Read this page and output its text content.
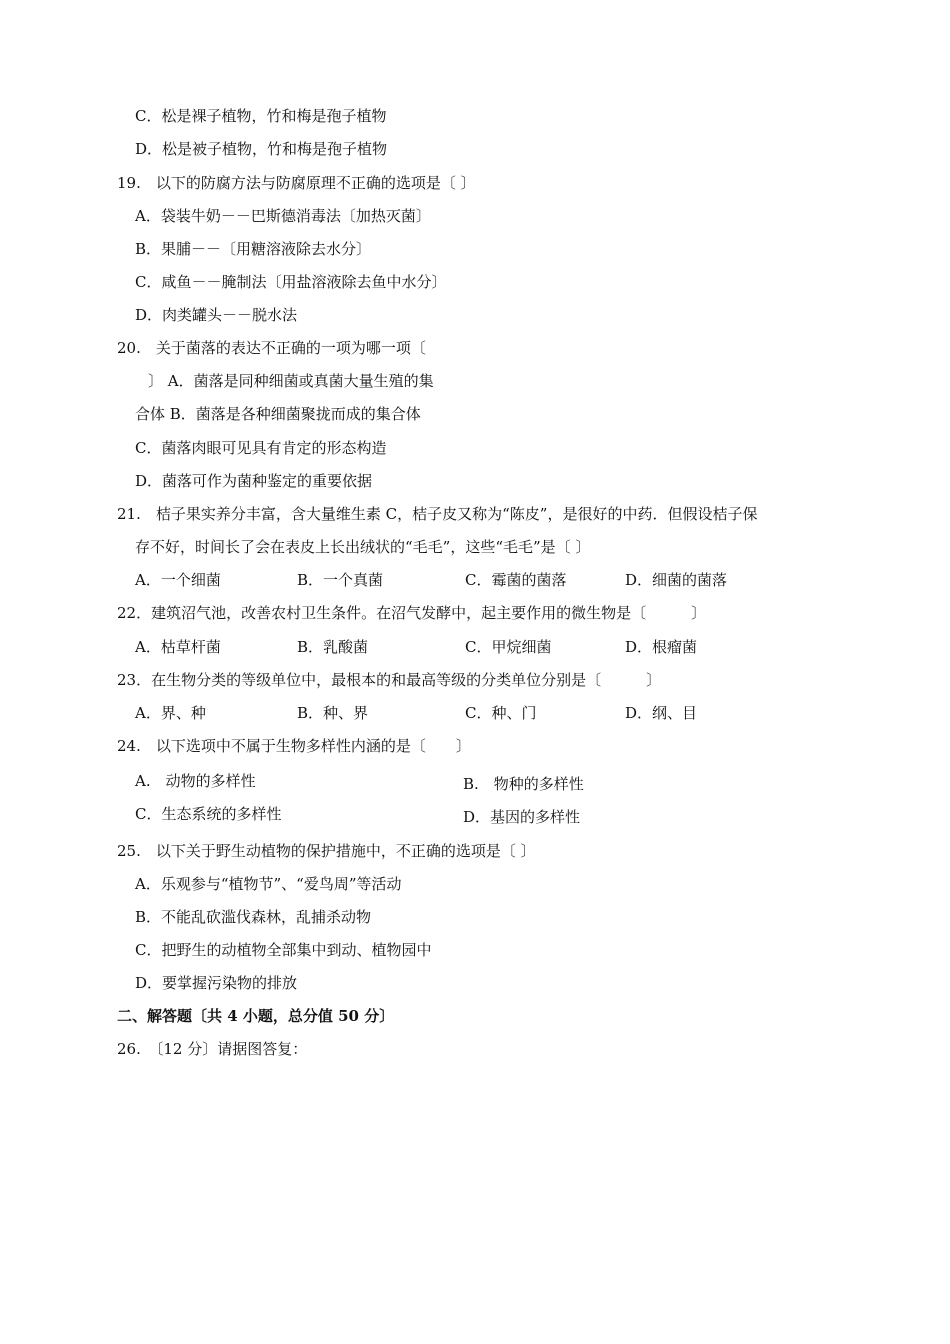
C．松是裸子植物，竹和梅是孢子植物
D．松是被子植物，竹和梅是孢子植物
19.　以下的防腐方法与防腐原理不正确的选项是〔 〕
A．袋装牛奶－－巴斯德消毒法〔加热灭菌〕
B．果脯－－〔用糖溶液除去水分〕
C．咸鱼－－腌制法〔用盐溶液除去鱼中水分〕
D．肉类罐头－－脱水法
20.　关于菌落的表达不正确的一项为哪一项〔
〕 A．菌落是同种细菌或真菌大量生殖的集
合体 B．菌落是各种细菌聚拢而成的集合体
C．菌落肉眼可见具有肯定的形态构造
D．菌落可作为菌种鉴定的重要依据
21.　桔子果实养分丰富，含大量维生素 C，桔子皮又称为“陈皮”，是很好的中药．但假设桔子保
存不好，时间长了会在表皮上长出绒状的“毛毛”，这些“毛毛”是〔 〕
A．一个细菌	B．一个真菌	C．霉菌的菌落	D．细菌的菌落
22．建筑沼气池，改善农村卫生条件。在沼气发酵中，起主要作用的微生物是〔　　　〕
A．枯草杆菌	B．乳酸菌	C．甲烷细菌	D．根瘤菌
23．在生物分类的等级单位中，最根本的和最高等级的分类单位分别是〔　　　〕
A．界、种	B．种、界	C．种、门	D．纲、目
24.　以下选项中不属于生物多样性内涵的是〔　　〕
A.　动物的多样性	B.　物种的多样性
C．生态系统的多样性	D．基因的多样性
25.　以下关于野生动植物的保护措施中，不正确的选项是〔 〕
A．乐观参与“植物节”、“爱鸟周”等活动
B．不能乱砍滥伐森林，乱捕杀动物
C．把野生的动植物全部集中到动、植物园中
D．要掌握污染物的排放
二、解答题〔共 4 小题，总分值 50 分〕
26.　〔12 分〕请据图答复：
